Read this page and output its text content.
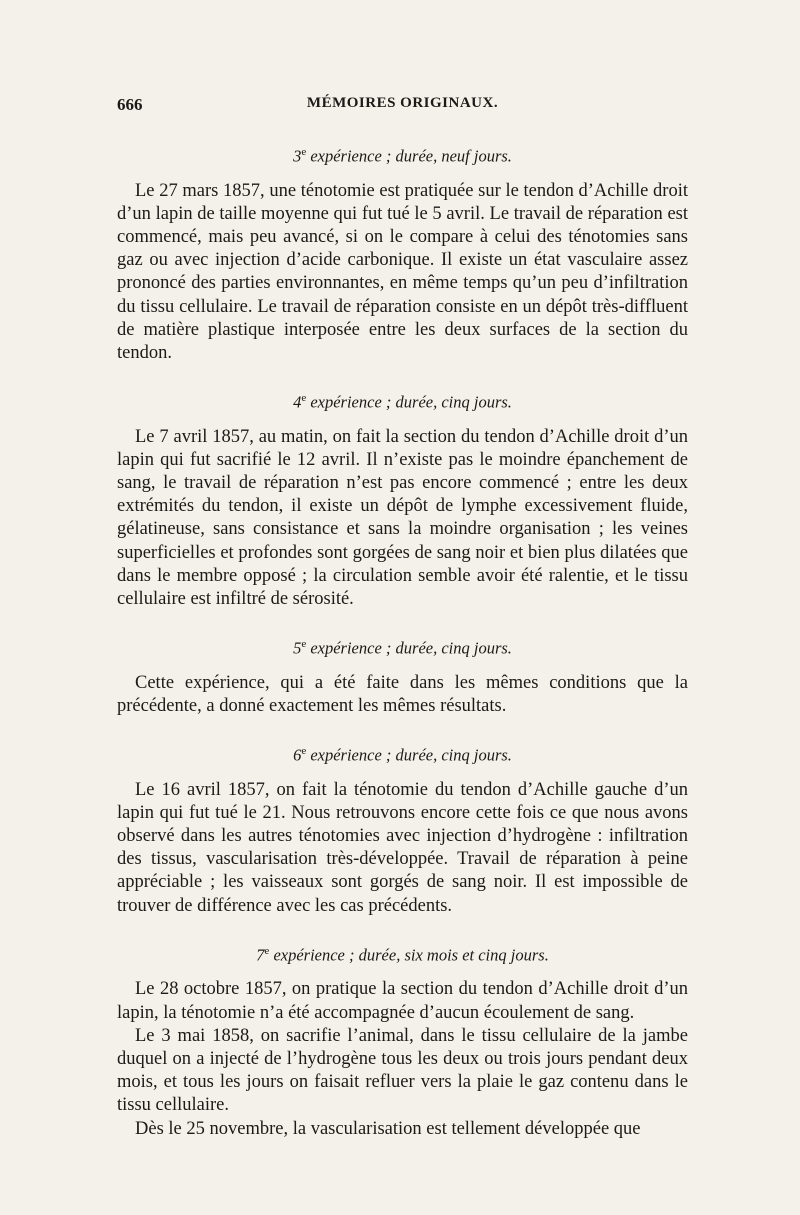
666	MÉMOIRES ORIGINAUX.
3e expérience ; durée, neuf jours.

Le 27 mars 1857, une ténotomie est pratiquée sur le tendon d’Achille droit d’un lapin de taille moyenne qui fut tué le 5 avril. Le travail de réparation est commencé, mais peu avancé, si on le compare à celui des ténotomies sans gaz ou avec injection d’acide carbonique. Il existe un état vasculaire assez prononcé des parties environnantes, en même temps qu’un peu d’infiltration du tissu cellulaire. Le travail de réparation consiste en un dépôt très-diffluent de matière plastique interposée entre les deux surfaces de la section du tendon.

4e expérience ; durée, cinq jours.

Le 7 avril 1857, au matin, on fait la section du tendon d’Achille droit d’un lapin qui fut sacrifié le 12 avril. Il n’existe pas le moindre épanchement de sang, le travail de réparation n’est pas encore commencé ; entre les deux extrémités du tendon, il existe un dépôt de lymphe excessivement fluide, gélatineuse, sans consistance et sans la moindre organisation ; les veines superficielles et profondes sont gorgées de sang noir et bien plus dilatées que dans le membre opposé ; la circulation semble avoir été ralentie, et le tissu cellulaire est infiltré de sérosité.

5e expérience ; durée, cinq jours.

Cette expérience, qui a été faite dans les mêmes conditions que la précédente, a donné exactement les mêmes résultats.

6e expérience ; durée, cinq jours.

Le 16 avril 1857, on fait la ténotomie du tendon d’Achille gauche d’un lapin qui fut tué le 21. Nous retrouvons encore cette fois ce que nous avons observé dans les autres ténotomies avec injection d’hydrogène : infiltration des tissus, vascularisation très-développée. Travail de réparation à peine appréciable ; les vaisseaux sont gorgés de sang noir. Il est impossible de trouver de différence avec les cas précédents.

7e expérience ; durée, six mois et cinq jours.

Le 28 octobre 1857, on pratique la section du tendon d’Achille droit d’un lapin, la ténotomie n’a été accompagnée d’aucun écoulement de sang.

Le 3 mai 1858, on sacrifie l’animal, dans le tissu cellulaire de la jambe duquel on a injecté de l’hydrogène tous les deux ou trois jours pendant deux mois, et tous les jours on faisait refluer vers la plaie le gaz contenu dans le tissu cellulaire.

Dès le 25 novembre, la vascularisation est tellement développée que
